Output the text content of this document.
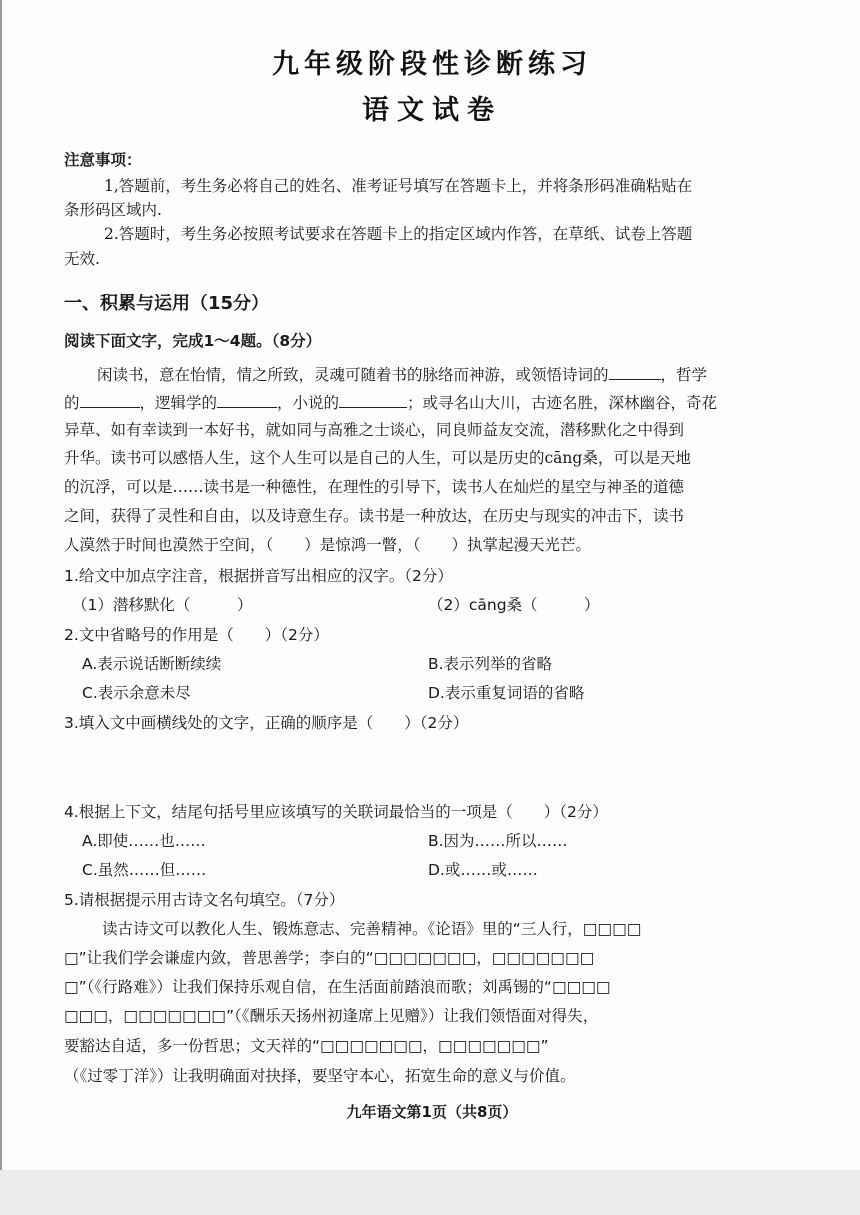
九年级阶段性诊断练习
语文试卷
注意事项：
1,答题前，考生务必将自己的姓名、准考证号填写在答题卡上，并将条形码准确粘贴在
条形码区域内.
2.答题时，考生务必按照考试要求在答题卡上的指定区域内作答，在草纸、试卷上答题
无效.
一、积累与运用（15分）
阅读下面文字，完成1～4题。（8分）
闲读书，意在怡情，情之所致，灵魂可随着书的脉络而神游，或领悟诗词的	，哲学
的	，逻辑学的	，小说的	；或寻名山大川，古迹名胜，深林幽谷，奇花
异草、如有幸读到一本好书，就如同与高雅之士谈心，同良师益友交流，潜移默化之中得到
升华。读书可以感悟人生，这个人生可以是自己的人生，可以是历史的cāng桑，可以是天地
的沉浮，可以是……读书是一种德性，在理性的引导下，读书人在灿烂的星空与神圣的道德
之间，获得了灵性和自由，以及诗意生存。读书是一种放达，在历史与现实的冲击下，读书
人漠然于时间也漠然于空间，（　　）是惊鸿一瞥，（　　）执掌起漫天光芒。
1.给文中加点字注音，根据拼音写出相应的汉字。（2分）
（1）潜移默化（　　　）	（2）cāng桑（　　　）
2.文中省略号的作用是（　　）（2分）
A.表示说话断断续续	B.表示列举的省略
C.表示余意未尽	D.表示重复词语的省略
3.填入文中画横线处的文字，正确的顺序是（　　）（2分）
4.根据上下文，结尾句括号里应该填写的关联词最恰当的一项是（　　）（2分）
A.即使……也……	B.因为……所以……
C.虽然……但……	D.或……或……
5.请根据提示用古诗文名句填空。（7分）
读古诗文可以教化人生、锻炼意志、完善精神。《论语》里的“三人行，□□□□
□”让我们学会谦虚内敛，普思善学；李白的“□□□□□□□，□□□□□□□
□”（《行路难》）让我们保持乐观自信，在生活面前踏浪而歌；刘禹锡的“□□□□
□□□，□□□□□□□”（《酬乐天扬州初逢席上见赠》）让我们领悟面对得失，
要豁达自适，多一份哲思；文天祥的“□□□□□□□，□□□□□□□”
（《过零丁洋》）让我明确面对抉择，要坚守本心，拓宽生命的意义与价值。
九年语文第1页（共8页）
